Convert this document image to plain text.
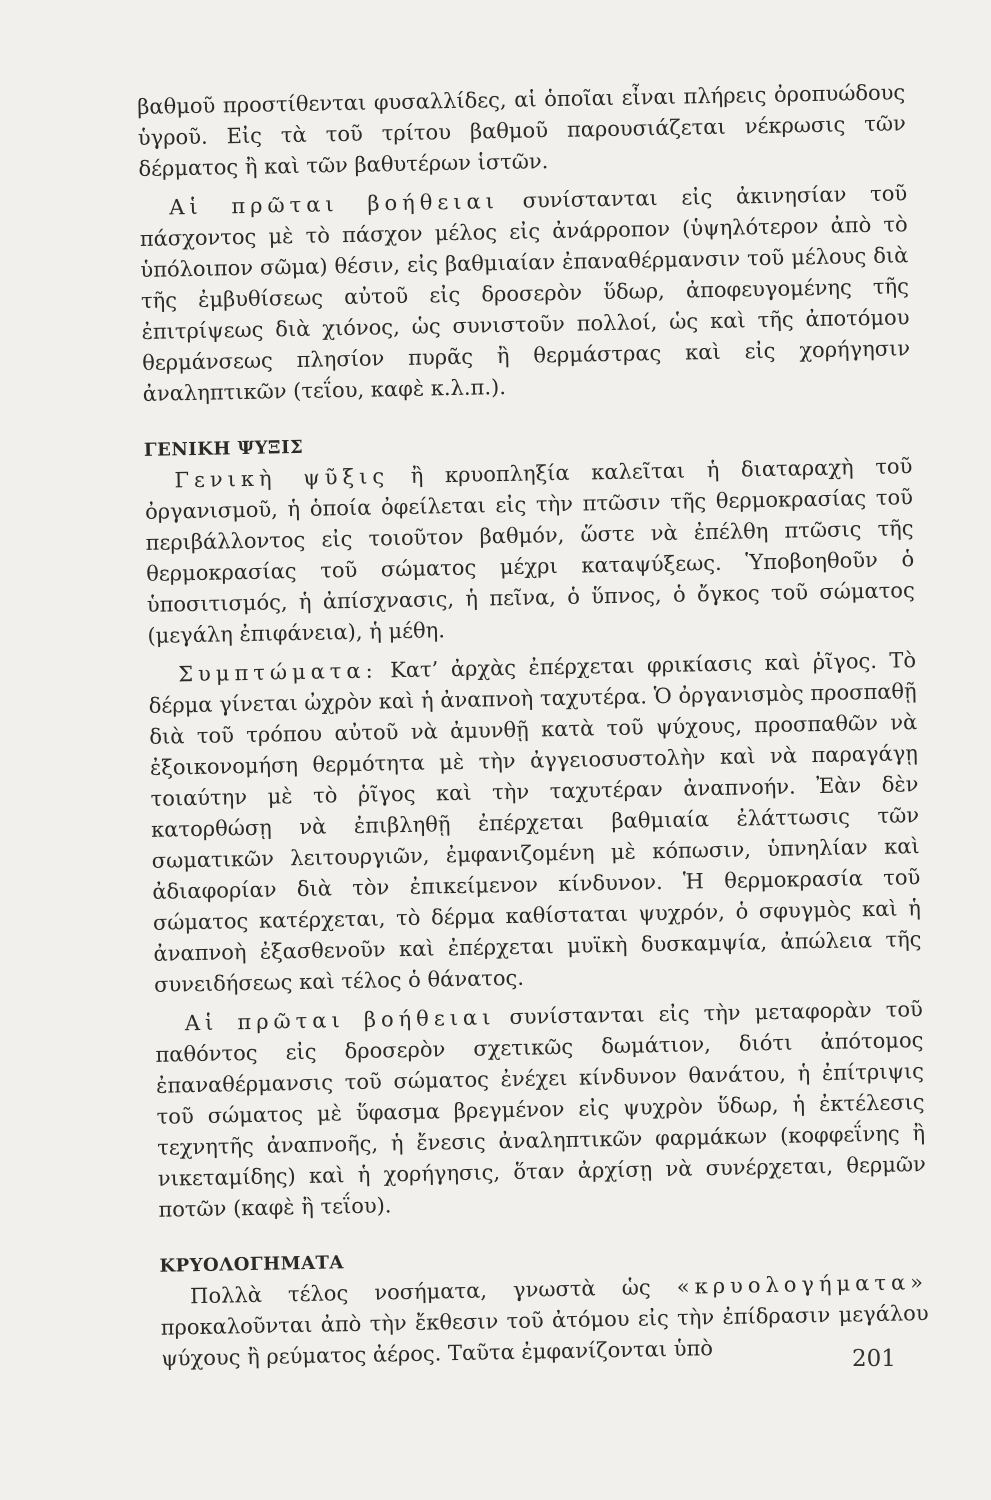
βαθμοῦ προστίθενται φυσαλλίδες, αἱ ὁποῖαι εἶναι πλήρεις ὀροπυώδους ὑγροῦ. Εἰς τὰ τοῦ τρίτου βαθμοῦ παρουσιάζεται νέκρωσις τῶν δέρματος ἢ καὶ τῶν βαθυτέρων ἱστῶν.

Αἱ πρῶται βοήθειαι συνίστανται εἰς ἀκινησίαν τοῦ πάσχοντος μὲ τὸ πάσχον μέλος εἰς ἀνάρροπον (ὑψηλότερον ἀπὸ τὸ ὑπόλοιπον σῶμα) θέσιν, εἰς βαθμιαίαν ἐπαναθέρμανσιν τοῦ μέλους διὰ τῆς ἐμβυθίσεως αὐτοῦ εἰς δροσερὸν ὕδωρ, ἀποφευγομένης τῆς ἐπιτρίψεως διὰ χιόνος, ὡς συνιστοῦν πολλοί, ὡς καὶ τῆς ἀποτόμου θερμάνσεως πλησίον πυρᾶς ἢ θερμάστρας καὶ εἰς χορήγησιν ἀναληπτικῶν (τεΐου, καφὲ κ.λ.π.).

ΓΕΝΙΚΗ ΨΥΞΙΣ

Γενικὴ ψῦξις ἢ κρυοπληξία καλεῖται ἡ διαταραχὴ τοῦ ὀργανισμοῦ, ἡ ὁποία ὀφείλεται εἰς τὴν πτῶσιν τῆς θερμοκρασίας τοῦ περιβάλλοντος εἰς τοιοῦτον βαθμόν, ὥστε νὰ ἐπέλθη πτῶσις τῆς θερμοκρασίας τοῦ σώματος μέχρι καταψύξεως. Ὑποβοηθοῦν ὁ ὑποσιτισμός, ἡ ἀπίσχνασις, ἡ πεῖνα, ὁ ὕπνος, ὁ ὄγκος τοῦ σώματος (μεγάλη ἐπιφάνεια), ἡ μέθη.

Συμπτώματα: Κατ’ ἀρχὰς ἐπέρχεται φρικίασις καὶ ῥῖγος. Τὸ δέρμα γίνεται ὠχρὸν καὶ ἡ ἀναπνοὴ ταχυτέρα. Ὁ ὀργανισμὸς προσπαθῇ διὰ τοῦ τρόπου αὐτοῦ νὰ ἀμυνθῇ κατὰ τοῦ ψύχους, προσπαθῶν νὰ ἐξοικονομήση θερμότητα μὲ τὴν ἀγγειοσυστολὴν καὶ νὰ παραγάγῃ τοιαύτην μὲ τὸ ῥῖγος καὶ τὴν ταχυτέραν ἀναπνοήν. Ἐὰν δὲν κατορθώσῃ νὰ ἐπιβληθῇ ἐπέρχεται βαθμιαία ἐλάττωσις τῶν σωματικῶν λειτουργιῶν, ἐμφανιζομένη μὲ κόπωσιν, ὑπνηλίαν καὶ ἀδιαφορίαν διὰ τὸν ἐπικείμενον κίνδυνον. Ἡ θερμοκρασία τοῦ σώματος κατέρχεται, τὸ δέρμα καθίσταται ψυχρόν, ὁ σφυγμὸς καὶ ἡ ἀναπνοὴ ἐξασθενοῦν καὶ ἐπέρχεται μυϊκὴ δυσκαμψία, ἀπώλεια τῆς συνειδήσεως καὶ τέλος ὁ θάνατος.

Αἱ πρῶται βοήθειαι συνίστανται εἰς τὴν μεταφορὰν τοῦ παθόντος εἰς δροσερὸν σχετικῶς δωμάτιον, διότι ἀπότομος ἐπαναθέρμανσις τοῦ σώματος ἐνέχει κίνδυνον θανάτου, ἡ ἐπίτριψις τοῦ σώματος μὲ ὕφασμα βρεγμένον εἰς ψυχρὸν ὕδωρ, ἡ ἐκτέλεσις τεχνητῆς ἀναπνοῆς, ἡ ἔνεσις ἀναληπτικῶν φαρμάκων (κοφφεΐνης ἢ νικεταμίδης) καὶ ἡ χορήγησις, ὅταν ἀρχίσῃ νὰ συνέρχεται, θερμῶν ποτῶν (καφὲ ἢ τεΐου).

ΚΡΥΟΛΟΓΗΜΑΤΑ

Πολλὰ τέλος νοσήματα, γνωστὰ ὡς «κρυολογήματα» προκαλοῦνται ἀπὸ τὴν ἔκθεσιν τοῦ ἀτόμου εἰς τὴν ἐπίδρασιν μεγάλου ψύχους ἢ ρεύματος ἀέρος. Ταῦτα ἐμφανίζονται ὑπὸ	201
